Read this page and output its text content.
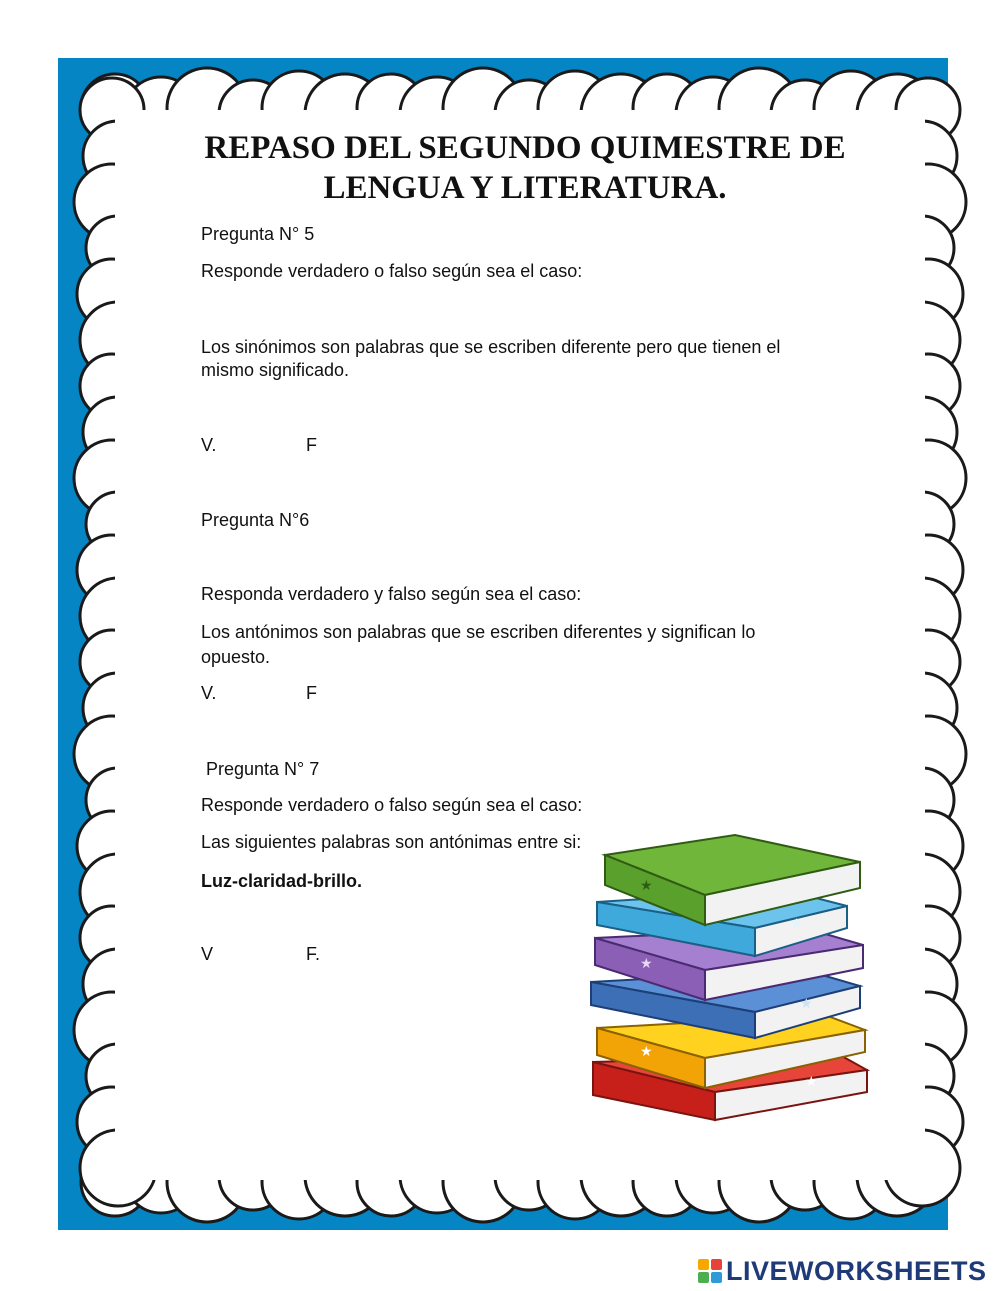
REPASO DEL SEGUNDO QUIMESTRE DE
LENGUA Y LITERATURA.

Pregunta N° 5

Responde verdadero o falso según sea el caso:

Los sinónimos son palabras que se escriben diferente pero que tienen el

mismo significado.

V.	F

Pregunta N°6

Responda verdadero y falso según sea el caso:

Los antónimos son palabras que se escriben diferentes y significan lo

opuesto.

V.	F

Pregunta N° 7

Responde verdadero o falso según sea el caso:

Las siguientes palabras son antónimas entre si:

Luz-claridad-brillo.

V	F.
★
★
★
★
★
★
LIVEWORKSHEETS
